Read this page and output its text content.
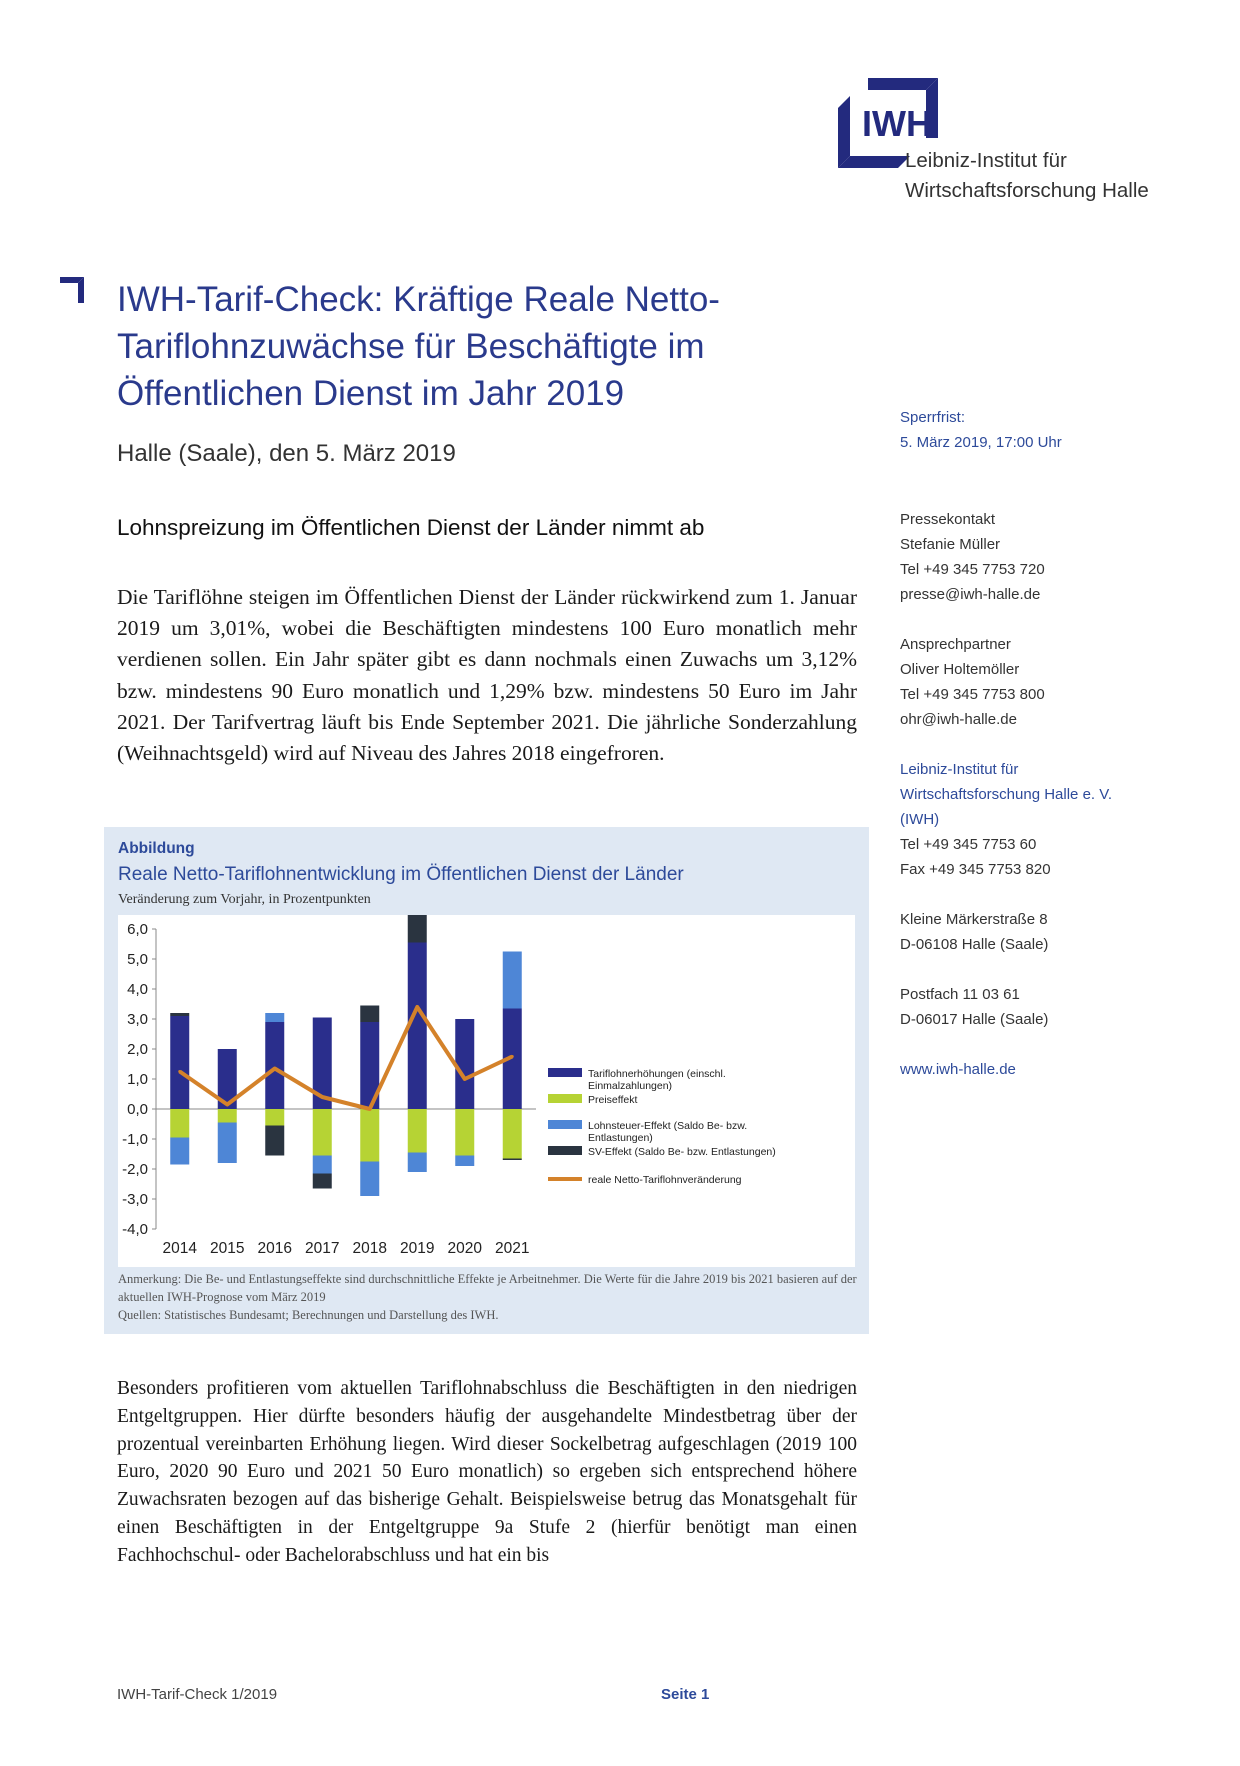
IWH
Leibniz-Institut für
Wirtschaftsforschung Halle
IWH-Tarif-Check: Kräftige Reale Netto-
Tariflohnzuwächse für Beschäftigte im
Öffentlichen Dienst im Jahr 2019
Halle (Saale), den 5. März 2019
Lohnspreizung im Öffentlichen Dienst der Länder nimmt ab
Die Tariflöhne steigen im Öffentlichen Dienst der Länder rückwirkend zum 1. Januar 2019 um 3,01%, wobei die Beschäftigten mindestens 100 Euro monatlich mehr verdienen sollen. Ein Jahr später gibt es dann nochmals einen Zuwachs um 3,12% bzw. mindestens 90 Euro monatlich und 1,29% bzw. mindestens 50 Euro im Jahr 2021. Der Tarifvertrag läuft bis Ende September 2021. Die jährliche Sonderzahlung (Weihnachtsgeld) wird auf Niveau des Jahres 2018 eingefroren.
Sperrfrist:
5. März 2019, 17:00 Uhr
Pressekontakt
Stefanie Müller
Tel +49 345 7753 720
presse@iwh-halle.de
Ansprechpartner
Oliver Holtemöller
Tel +49 345 7753 800
ohr@iwh-halle.de
Leibniz-Institut für
Wirtschaftsforschung Halle e. V.
(IWH)
Tel +49 345 7753 60
Fax +49 345 7753 820
Kleine Märkerstraße 8
D-06108 Halle (Saale)
Postfach 11 03 61
D-06017 Halle (Saale)
www.iwh-halle.de
Abbildung
Reale Netto-Tariflohnentwicklung im Öffentlichen Dienst der Länder
Veränderung zum Vorjahr, in Prozentpunkten
6,0
5,0
4,0
3,0
2,0
1,0
0,0
-1,0
-2,0
-3,0
-4,0
2014 2015 2016 2017 2018 2019 2020 2021
Tariflohnerhöhungen (einschl.
Einmalzahlungen)
Preiseffekt
Lohnsteuer-Effekt (Saldo Be- bzw.
Entlastungen)
SV-Effekt (Saldo Be- bzw. Entlastungen)
reale Netto-Tariflohnveränderung
Anmerkung: Die Be- und Entlastungseffekte sind durchschnittliche Effekte je Arbeitnehmer. Die Werte für die Jahre 2019 bis 2021 basieren auf der aktuellen IWH-Prognose vom März 2019
Quellen: Statistisches Bundesamt; Berechnungen und Darstellung des IWH.
Besonders profitieren vom aktuellen Tariflohnabschluss die Beschäftigten in den niedrigen Entgeltgruppen. Hier dürfte besonders häufig der ausgehandelte Mindestbetrag über der prozentual vereinbarten Erhöhung liegen. Wird dieser Sockelbetrag aufgeschlagen (2019 100 Euro, 2020 90 Euro und 2021 50 Euro monatlich) so ergeben sich entsprechend höhere Zuwachsraten bezogen auf das bisherige Gehalt. Beispielsweise betrug das Monatsgehalt für einen Beschäftigten in der Entgeltgruppe 9a Stufe 2 (hierfür benötigt man einen Fachhochschul- oder Bachelorabschluss und hat ein bis
IWH-Tarif-Check 1/2019	Seite 1
